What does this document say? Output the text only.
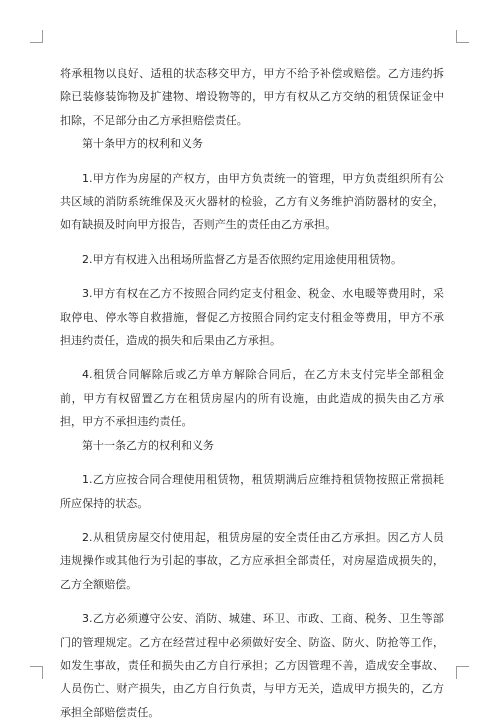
将承租物以良好、适租的状态移交甲方，甲方不给予补偿或赔偿。乙方违约拆除已装修装饰物及扩建物、增设物等的，甲方有权从乙方交纳的租赁保证金中扣除，不足部分由乙方承担赔偿责任。

第十条甲方的权利和义务

1.甲方作为房屋的产权方，由甲方负责统一的管理，甲方负责组织所有公共区域的消防系统维保及灭火器材的检验，乙方有义务维护消防器材的安全，如有缺损及时向甲方报告，否则产生的责任由乙方承担。

2.甲方有权进入出租场所监督乙方是否依照约定用途使用租赁物。

3.甲方有权在乙方不按照合同约定支付租金、税金、水电暖等费用时，采取停电、停水等自救措施，督促乙方按照合同约定支付租金等费用，甲方不承担违约责任，造成的损失和后果由乙方承担。

4.租赁合同解除后或乙方单方解除合同后，在乙方未支付完毕全部租金前，甲方有权留置乙方在租赁房屋内的所有设施，由此造成的损失由乙方承担，甲方不承担违约责任。

第十一条乙方的权利和义务

1.乙方应按合同合理使用租赁物，租赁期满后应维持租赁物按照正常损耗所应保持的状态。

2.从租赁房屋交付使用起，租赁房屋的安全责任由乙方承担。因乙方人员违规操作或其他行为引起的事故，乙方应承担全部责任，对房屋造成损失的，乙方全额赔偿。

3.乙方必须遵守公安、消防、城建、环卫、市政、工商、税务、卫生等部门的管理规定。乙方在经营过程中必须做好安全、防盗、防火、防抢等工作，如发生事故，责任和损失由乙方自行承担；乙方因管理不善，造成安全事故、人员伤亡、财产损失，由乙方自行负责，与甲方无关，造成甲方损失的，乙方承担全部赔偿责任。
